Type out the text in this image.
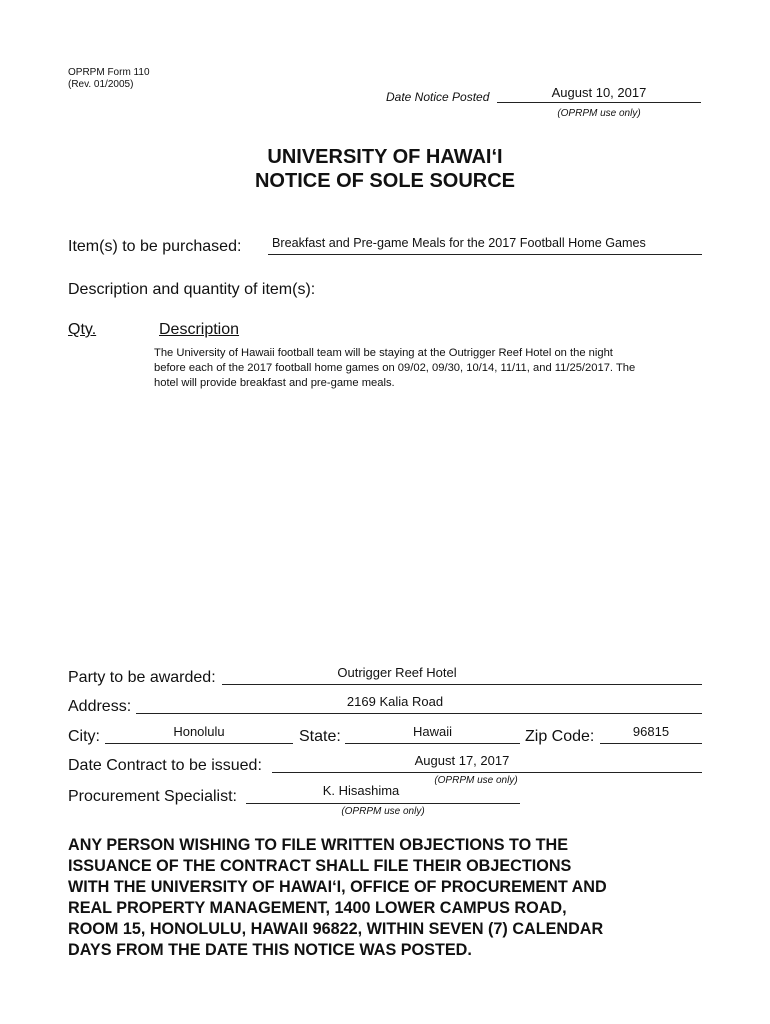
OPRPM Form 110
(Rev. 01/2005)
Date Notice Posted	August 10, 2017
(OPRPM use only)
UNIVERSITY OF HAWAI‘I
NOTICE OF SOLE SOURCE
Item(s) to be purchased: Breakfast and Pre-game Meals for the 2017 Football Home Games
Description and quantity of item(s):
Qty.	Description
The University of Hawaii football team will be staying at the Outrigger Reef Hotel on the night
before each of the 2017 football home games on 09/02, 09/30, 10/14, 11/11, and 11/25/2017. The
hotel will provide breakfast and pre-game meals.
Party to be awarded:	Outrigger Reef Hotel
Address:	2169 Kalia Road
City:	Honolulu	State:	Hawaii	Zip Code:	96815
Date Contract to be issued:	August 17, 2017
(OPRPM use only)
Procurement Specialist:	K. Hisashima
(OPRPM use only)
ANY PERSON WISHING TO FILE WRITTEN OBJECTIONS TO THE
ISSUANCE OF THE CONTRACT SHALL FILE THEIR OBJECTIONS
WITH THE UNIVERSITY OF HAWAI‘I, OFFICE OF PROCUREMENT AND
REAL PROPERTY MANAGEMENT, 1400 LOWER CAMPUS ROAD,
ROOM 15, HONOLULU, HAWAII 96822, WITHIN SEVEN (7) CALENDAR
DAYS FROM THE DATE THIS NOTICE WAS POSTED.
